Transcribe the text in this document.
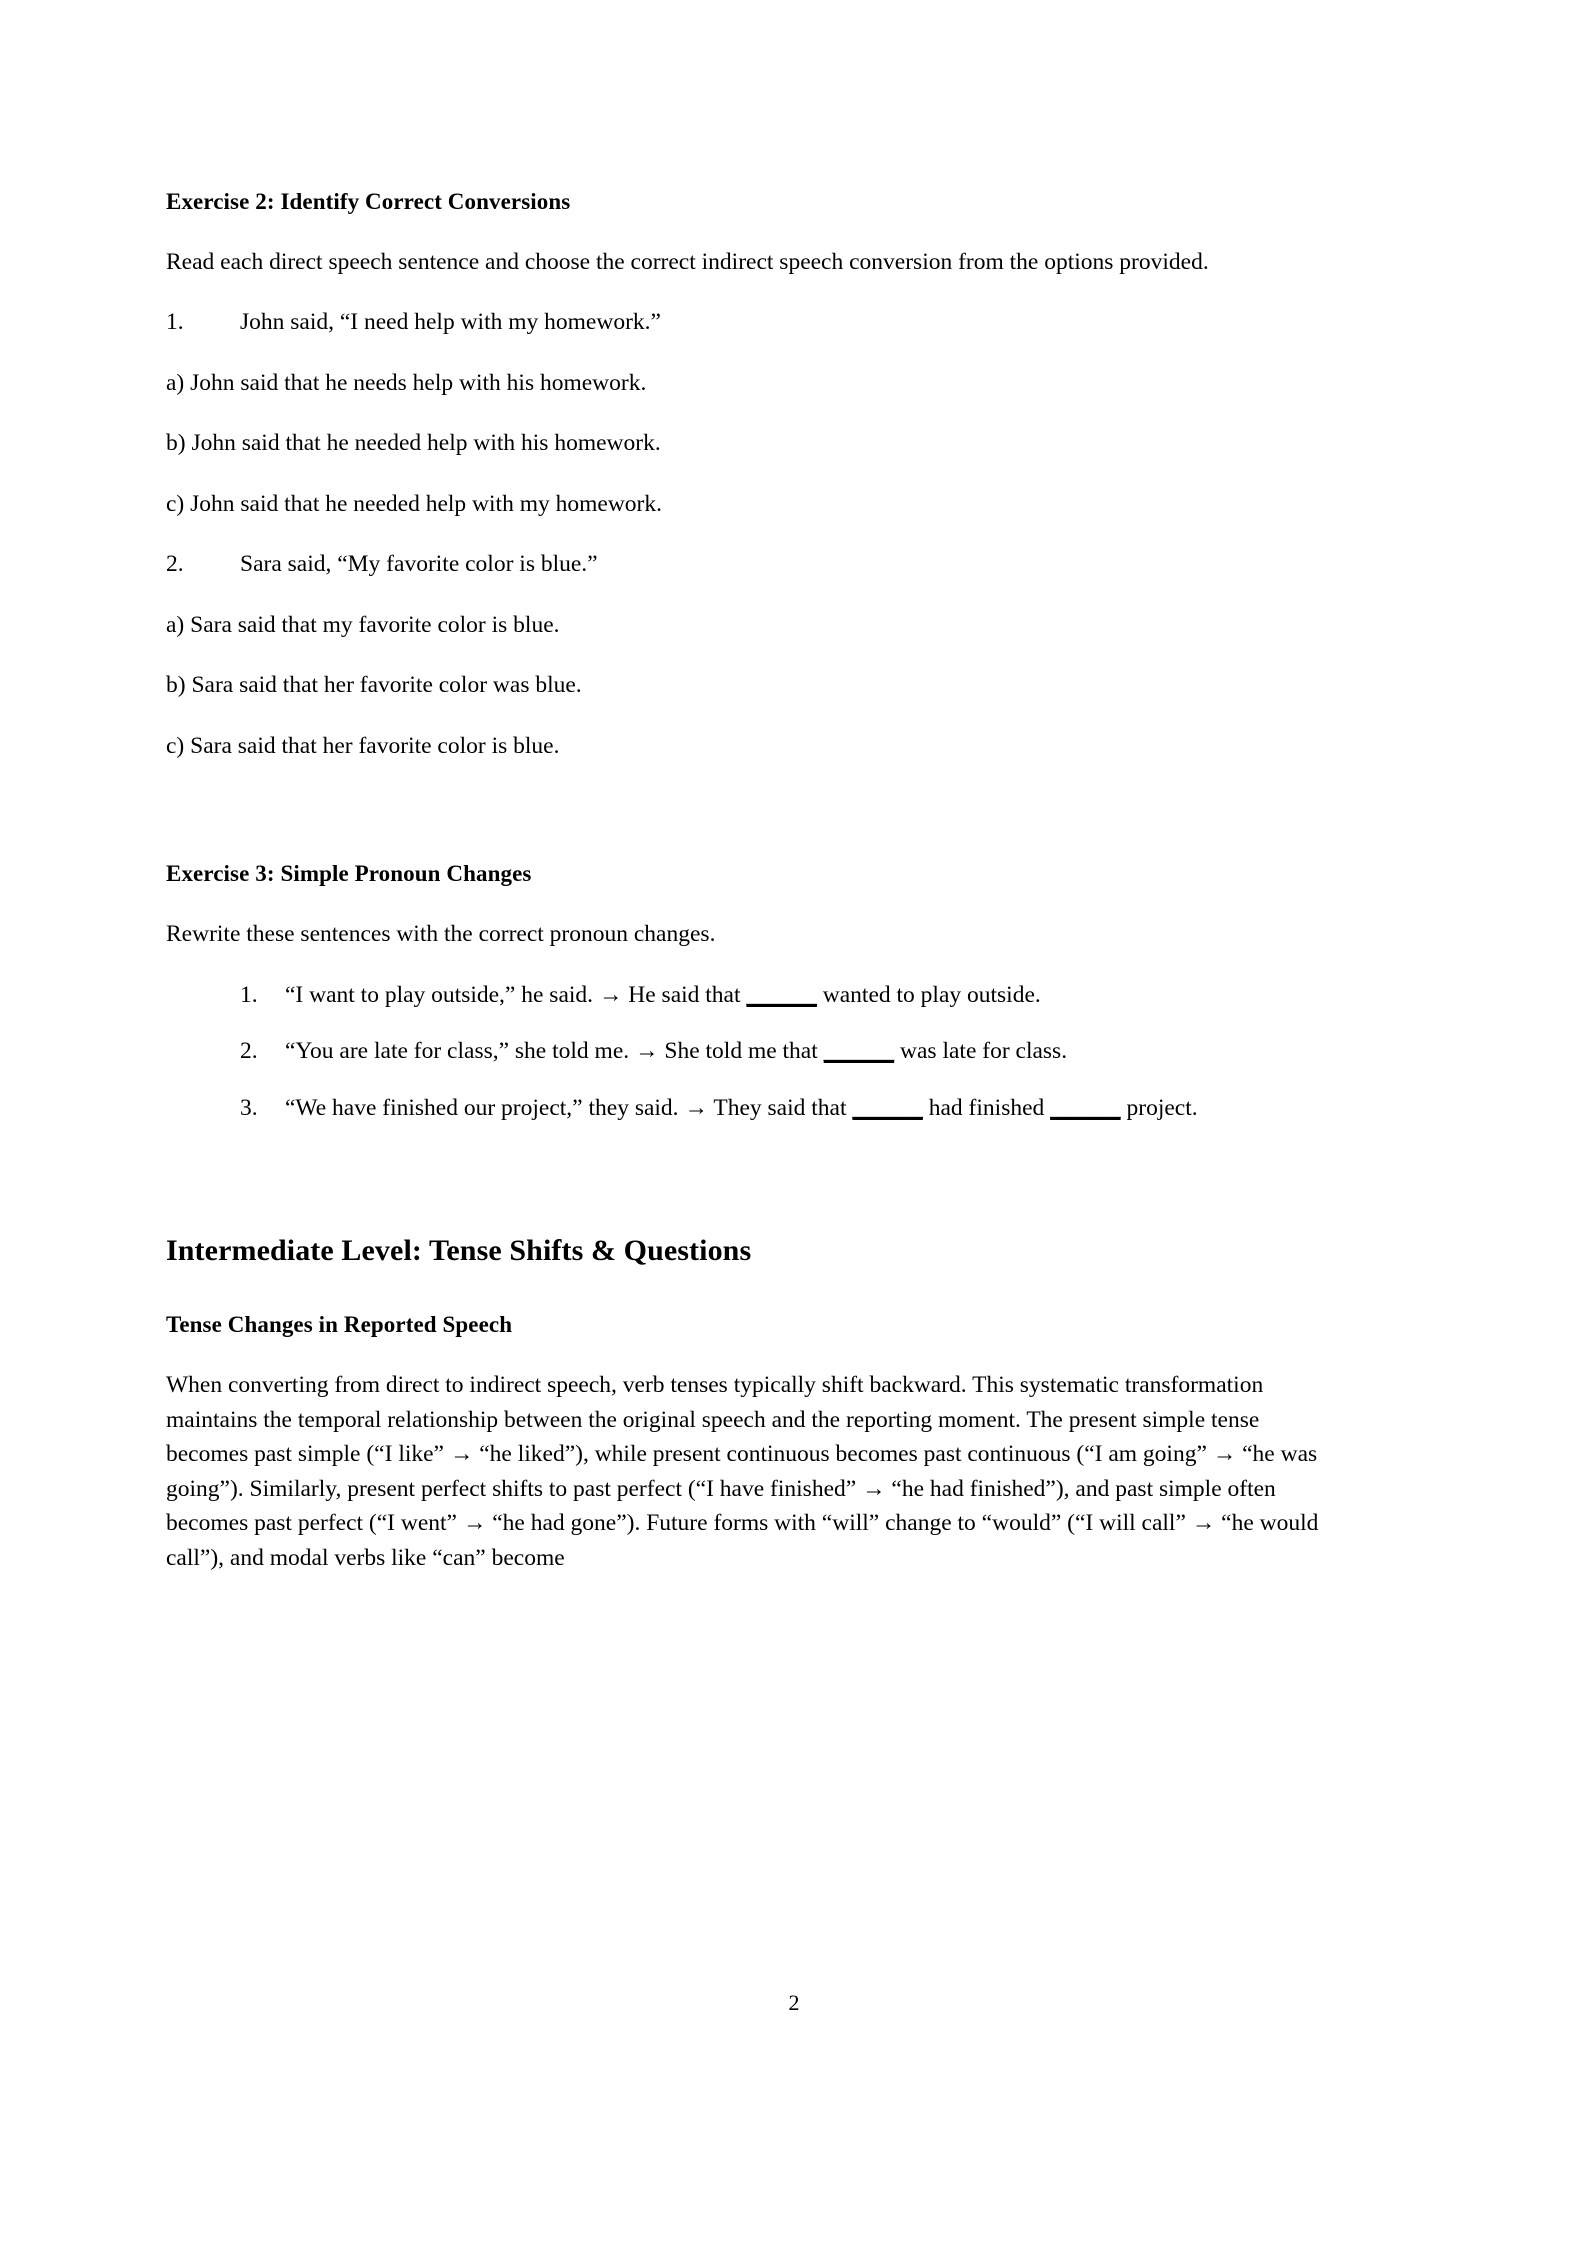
Exercise 2: Identify Correct Conversions

Read each direct speech sentence and choose the correct indirect speech conversion from the options provided.

1.	John said, “I need help with my homework.”

a) John said that he needs help with his homework.

b) John said that he needed help with his homework.

c) John said that he needed help with my homework.

2.	Sara said, “My favorite color is blue.”

a) Sara said that my favorite color is blue.

b) Sara said that her favorite color was blue.

c) Sara said that her favorite color is blue.

Exercise 3: Simple Pronoun Changes

Rewrite these sentences with the correct pronoun changes.

1.	“I want to play outside,” he said. → He said that ______ wanted to play outside.
2.	“You are late for class,” she told me. → She told me that ______ was late for class.
3.	“We have finished our project,” they said. → They said that ______ had finished ______ project.
Intermediate Level: Tense Shifts & Questions
Tense Changes in Reported Speech

When converting from direct to indirect speech, verb tenses typically shift backward. This systematic transformation maintains the temporal relationship between the original speech and the reporting moment. The present simple tense becomes past simple (“I like” → “he liked”), while present continuous becomes past continuous (“I am going” → “he was going”). Similarly, present perfect shifts to past perfect (“I have finished” → “he had finished”), and past simple often becomes past perfect (“I went” → “he had gone”). Future forms with “will” change to “would” (“I will call” → “he would call”), and modal verbs like “can” become

2
